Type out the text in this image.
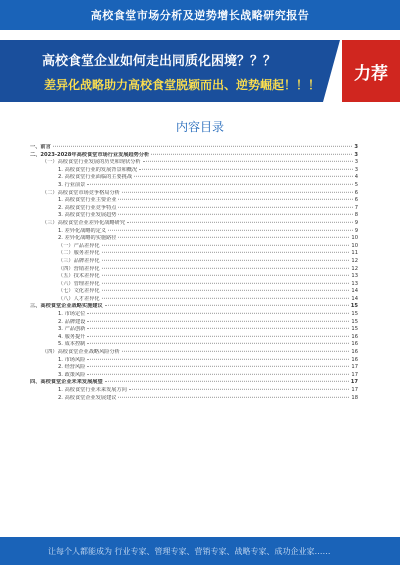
高校食堂市场分析及逆势增长战略研究报告
高校食堂企业如何走出同质化困境？？？
差异化战略助力高校食堂脱颖而出、逆势崛起！！！
力荐
内容目录
一、前言	3
二、2023-2028年高校食堂市场行业发展趋势分析	3
（一）高校食堂行业发展的历史和现状分析	3
1. 高校食堂行业的发展背景和概况	3
2. 高校食堂行业面临的主要挑战	4
3. 行业前景	5
（二）高校食堂市场竞争格局分析	6
1. 高校食堂行业主要企业	6
2. 高校食堂行业竞争特点	7
3. 高校食堂行业发展趋势	8
（三）高校食堂企业差异化战略研究	9
1. 差异化战略的定义	9
2. 差异化战略的实施路径	10
（一）产品差异化	10
（二）服务差异化	11
（三）品牌差异化	12
（四）营销差异化	12
（五）技术差异化	13
（六）管理差异化	13
（七）文化差异化	14
（八）人才差异化	14
三、高校食堂企业战略实施建议	15
1. 市场定位	15
2. 品牌建设	15
3. 产品创新	15
4. 服务提升	16
5. 成本控制	16
（四）高校食堂企业战略风险分析	16
1. 市场风险	16
2. 经营风险	17
3. 政策风险	17
四、高校食堂企业未来发展展望	17
1. 高校食堂行业未来发展方向	17
2. 高校食堂企业发展建议	18
让每个人都能成为 行业专家、管理专家、营销专家、战略专家、成功企业家……
